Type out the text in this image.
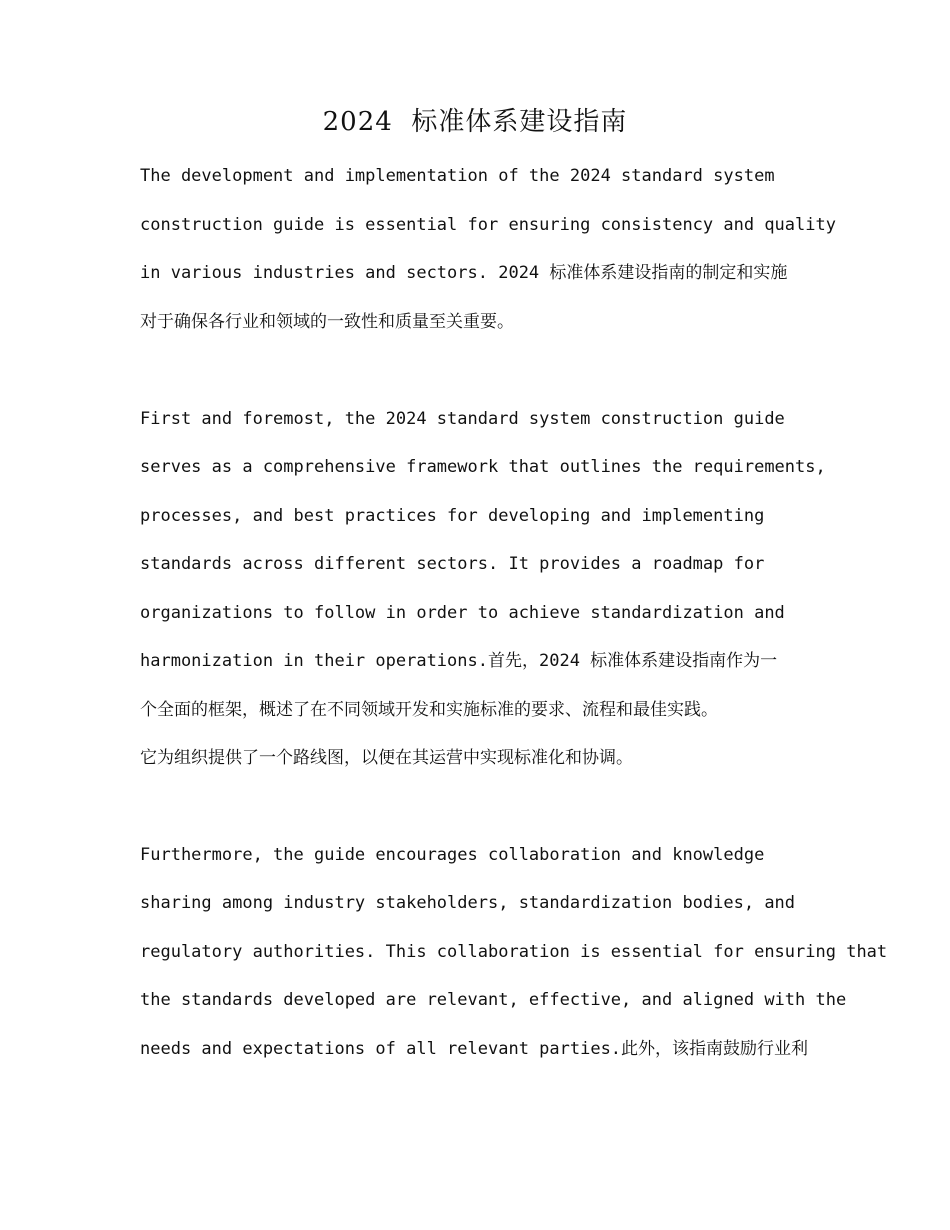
2024  标准体系建设指南
The development and implementation of the 2024 standard system
construction guide is essential for ensuring consistency and quality
in various industries and sectors. 2024 标准体系建设指南的制定和实施
对于确保各行业和领域的一致性和质量至关重要。
First and foremost, the 2024 standard system construction guide
serves as a comprehensive framework that outlines the requirements,
processes, and best practices for developing and implementing
standards across different sectors. It provides a roadmap for
organizations to follow in order to achieve standardization and
harmonization in their operations.首先，2024 标准体系建设指南作为一
个全面的框架，概述了在不同领域开发和实施标准的要求、流程和最佳实践。
它为组织提供了一个路线图，以便在其运营中实现标准化和协调。
Furthermore, the guide encourages collaboration and knowledge
sharing among industry stakeholders, standardization bodies, and
regulatory authorities. This collaboration is essential for ensuring that
the standards developed are relevant, effective, and aligned with the
needs and expectations of all relevant parties.此外，该指南鼓励行业利
